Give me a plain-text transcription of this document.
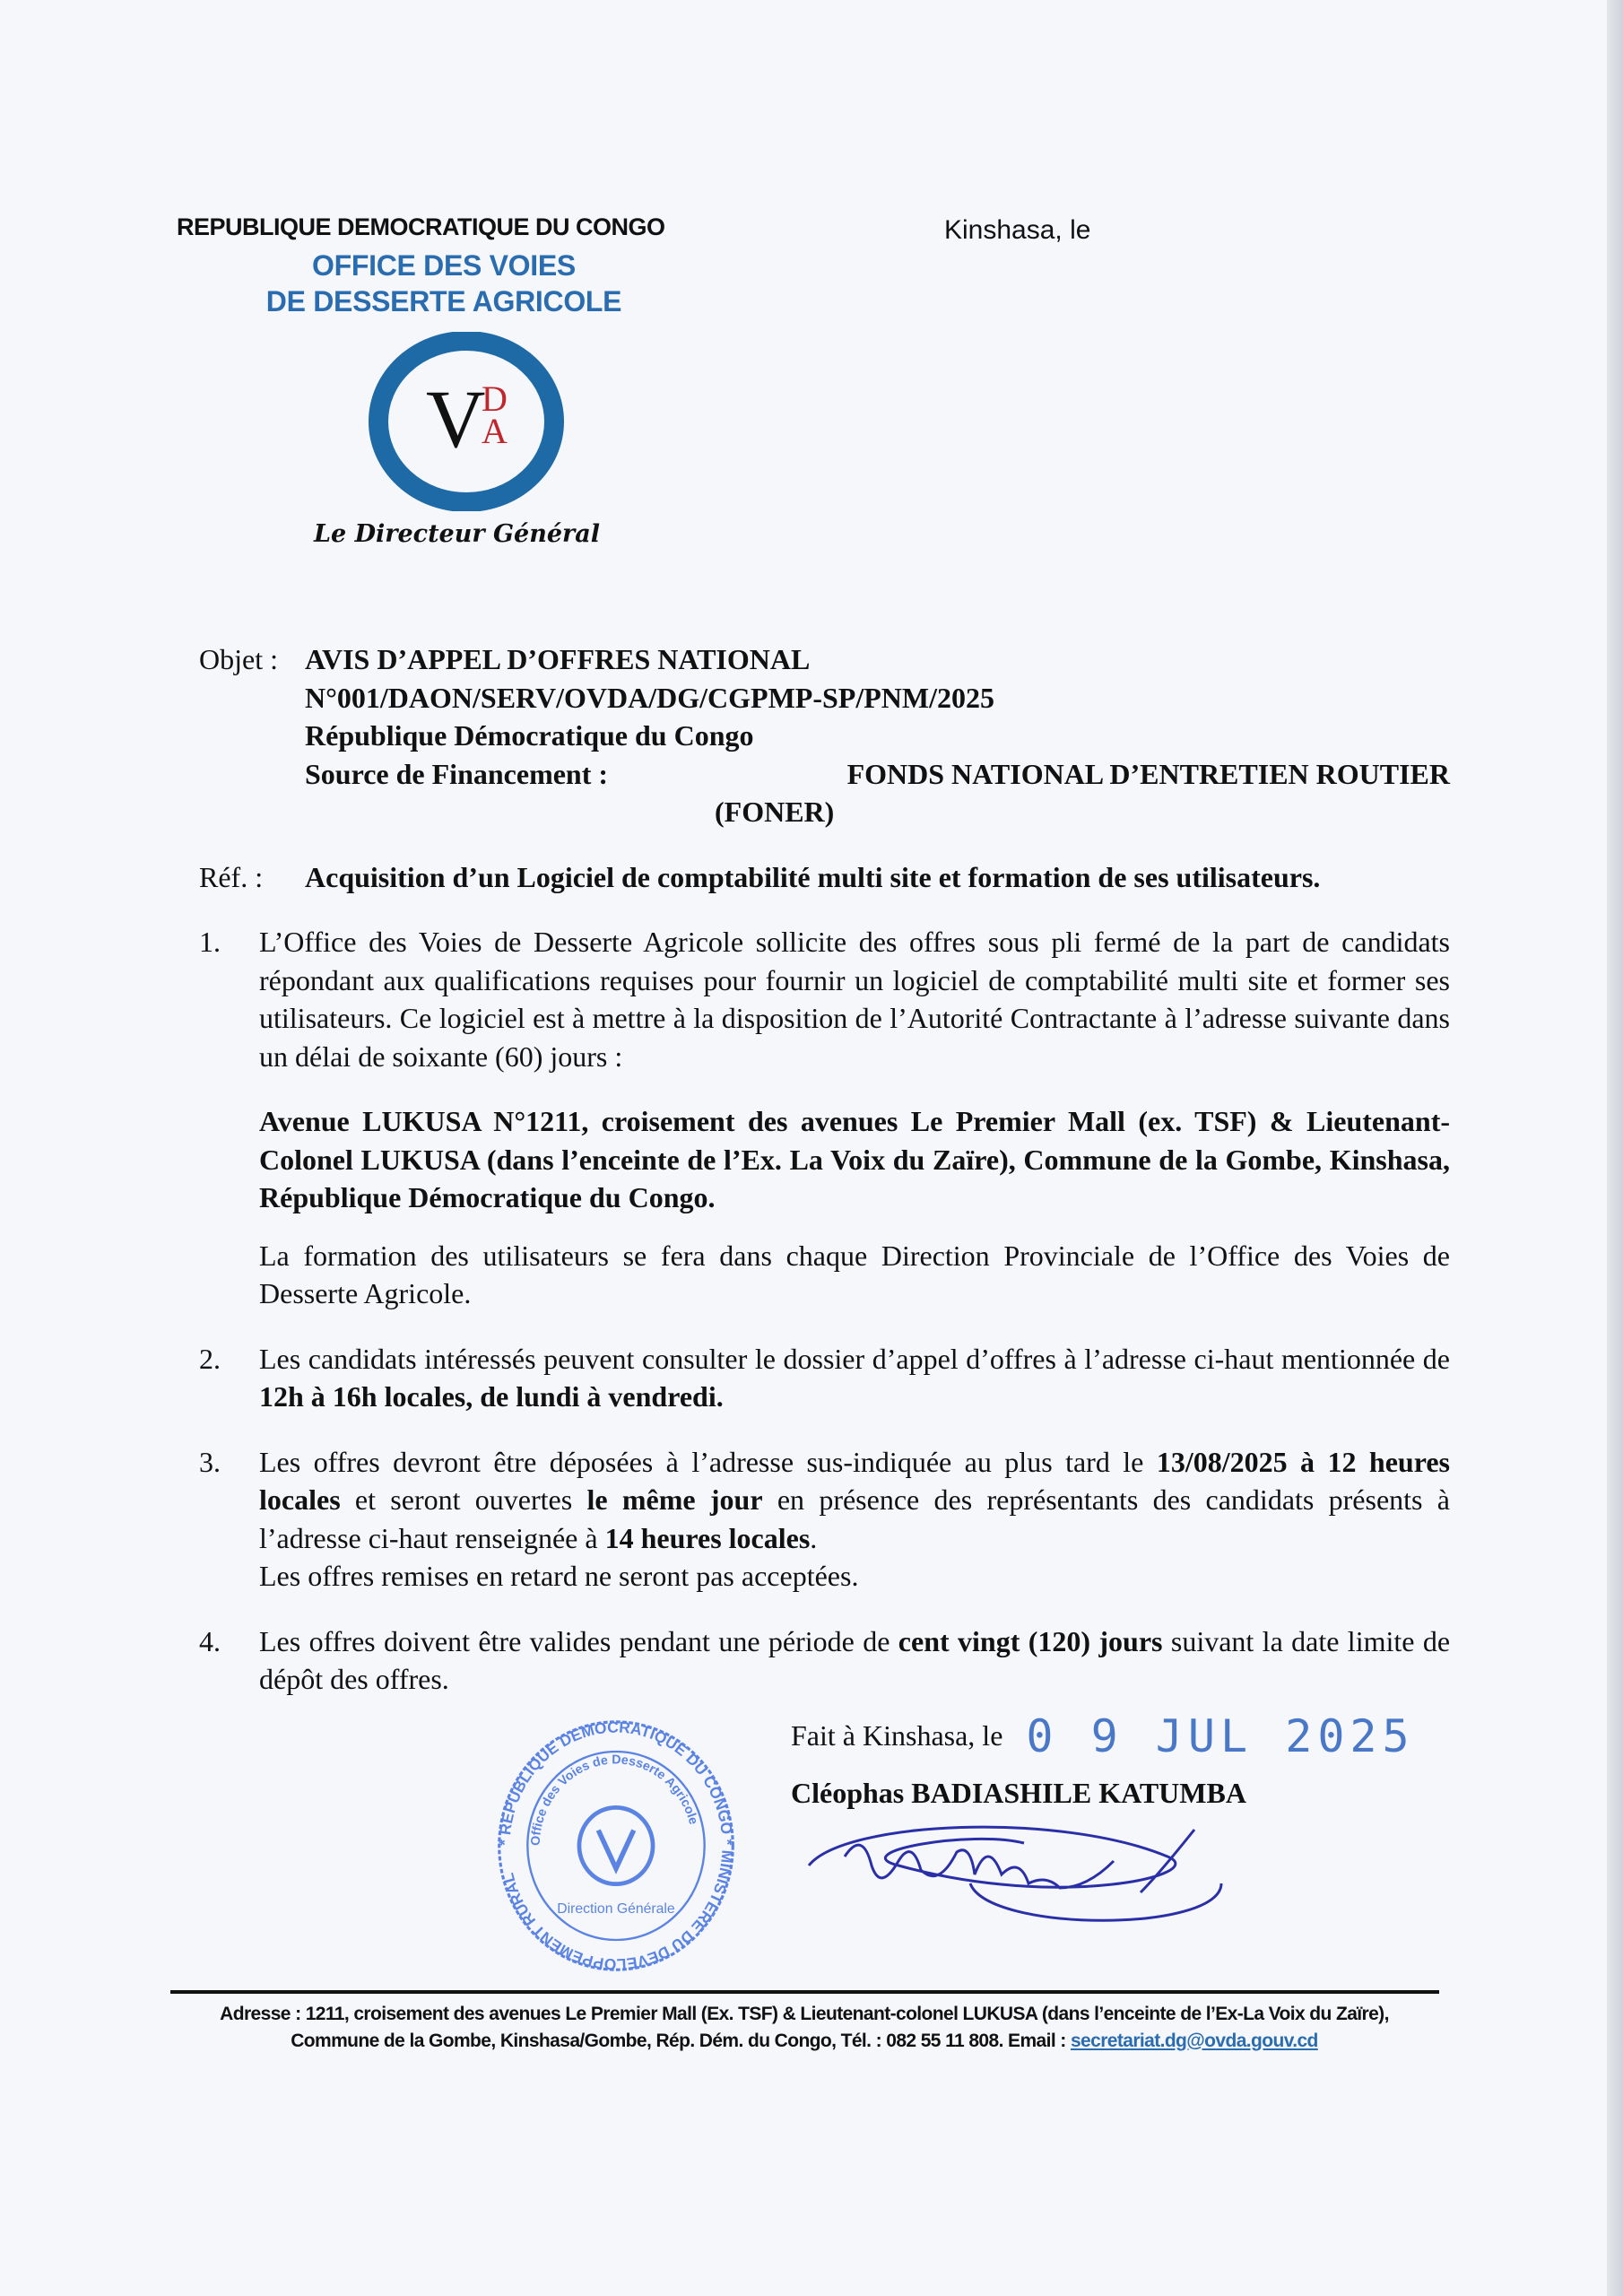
REPUBLIQUE DEMOCRATIQUE DU CONGO
OFFICE DES VOIES
DE DESSERTE AGRICOLE
Kinshasa, le
V
D
A
Le Directeur Général
Objet : AVIS D’APPEL D’OFFRES NATIONAL
N°001/DAON/SERV/OVDA/DG/CGPMP-SP/PNM/2025
République Démocratique du Congo
Source de Financement :	FONDS NATIONAL D’ENTRETIEN ROUTIER
(FONER)
Réf. :	Acquisition d’un Logiciel de comptabilité multi site et formation de ses utilisateurs.
1.	L’Office des Voies de Desserte Agricole sollicite des offres sous pli fermé de la part de candidats répondant aux qualifications requises pour fournir un logiciel de comptabilité multi site et former ses utilisateurs. Ce logiciel est à mettre à la disposition de l’Autorité Contractante à l’adresse suivante dans un délai de soixante (60) jours :
Avenue LUKUSA N°1211, croisement des avenues Le Premier Mall (ex. TSF) & Lieutenant-Colonel LUKUSA (dans l’enceinte de l’Ex. La Voix du Zaïre), Commune de la Gombe, Kinshasa, République Démocratique du Congo.
La formation des utilisateurs se fera dans chaque Direction Provinciale de l’Office des Voies de Desserte Agricole.
2.	Les candidats intéressés peuvent consulter le dossier d’appel d’offres à l’adresse ci-haut mentionnée de 12h à 16h locales, de lundi à vendredi.
3.	Les offres devront être déposées à l’adresse sus-indiquée au plus tard le 13/08/2025 à 12 heures locales et seront ouvertes le même jour en présence des représentants des candidats présents à l’adresse ci-haut renseignée à 14 heures locales.
Les offres remises en retard ne seront pas acceptées.
4.	Les offres doivent être valides pendant une période de cent vingt (120) jours suivant la date limite de dépôt des offres.
* REPUBLIQUE DEMOCRATIQUE DU CONGO * MINISTERE DU DEVELOPPEMENT RURAL
Office des Voies de Desserte Agricole
Direction Générale
Fait à Kinshasa, le 0 9 JUL 2025
Cléophas BADIASHILE KATUMBA
Adresse : 1211, croisement des avenues Le Premier Mall (Ex. TSF) & Lieutenant-colonel LUKUSA (dans l’enceinte de l’Ex-La Voix du Zaïre),
Commune de la Gombe, Kinshasa/Gombe, Rép. Dém. du Congo, Tél. : 082 55 11 808. Email : secretariat.dg@ovda.gouv.cd
